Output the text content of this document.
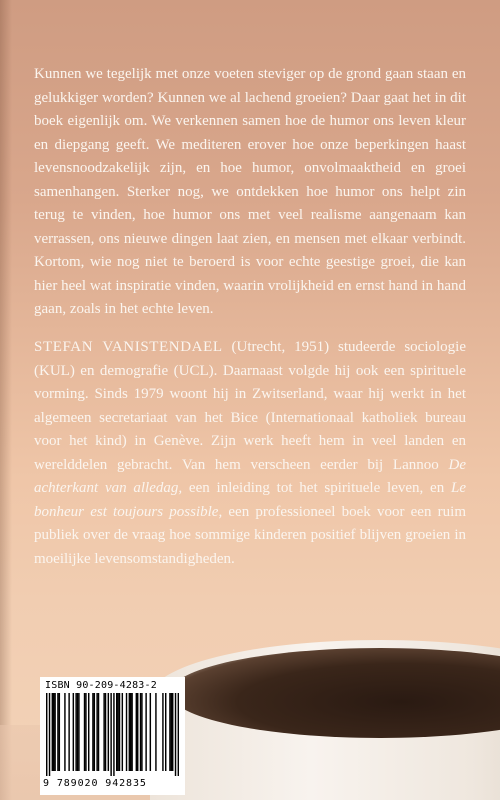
Kunnen we tegelijk met onze voeten steviger op de grond gaan staan en gelukkiger worden? Kunnen we al lachend groeien? Daar gaat het in dit boek eigenlijk om. We verkennen samen hoe de humor ons leven kleur en diepgang geeft. We mediteren erover hoe onze beperkingen haast levensnoodzakelijk zijn, en hoe humor, onvolmaaktheid en groei samenhangen. Sterker nog, we ontdekken hoe humor ons helpt zin terug te vinden, hoe humor ons met veel realisme aangenaam kan verrassen, ons nieuwe dingen laat zien, en mensen met elkaar verbindt. Kortom, wie nog niet te beroerd is voor echte geestige groei, die kan hier heel wat inspiratie vinden, waarin vrolijkheid en ernst hand in hand gaan, zoals in het echte leven.

STEFAN VANISTENDAEL (Utrecht, 1951) studeerde sociologie (KUL) en demografie (UCL). Daarnaast volgde hij ook een spirituele vorming. Sinds 1979 woont hij in Zwitserland, waar hij werkt in het algemeen secretariaat van het Bice (Internationaal katholiek bureau voor het kind) in Genève. Zijn werk heeft hem in veel landen en werelddelen gebracht. Van hem verscheen eerder bij Lannoo De achterkant van alledag, een inleiding tot het spirituele leven, en Le bonheur est toujours possible, een professioneel boek voor een ruim publiek over de vraag hoe sommige kinderen positief blijven groeien in moeilijke levensomstandigheden.

ISBN 90-209-4283-2
9 789020 942835
